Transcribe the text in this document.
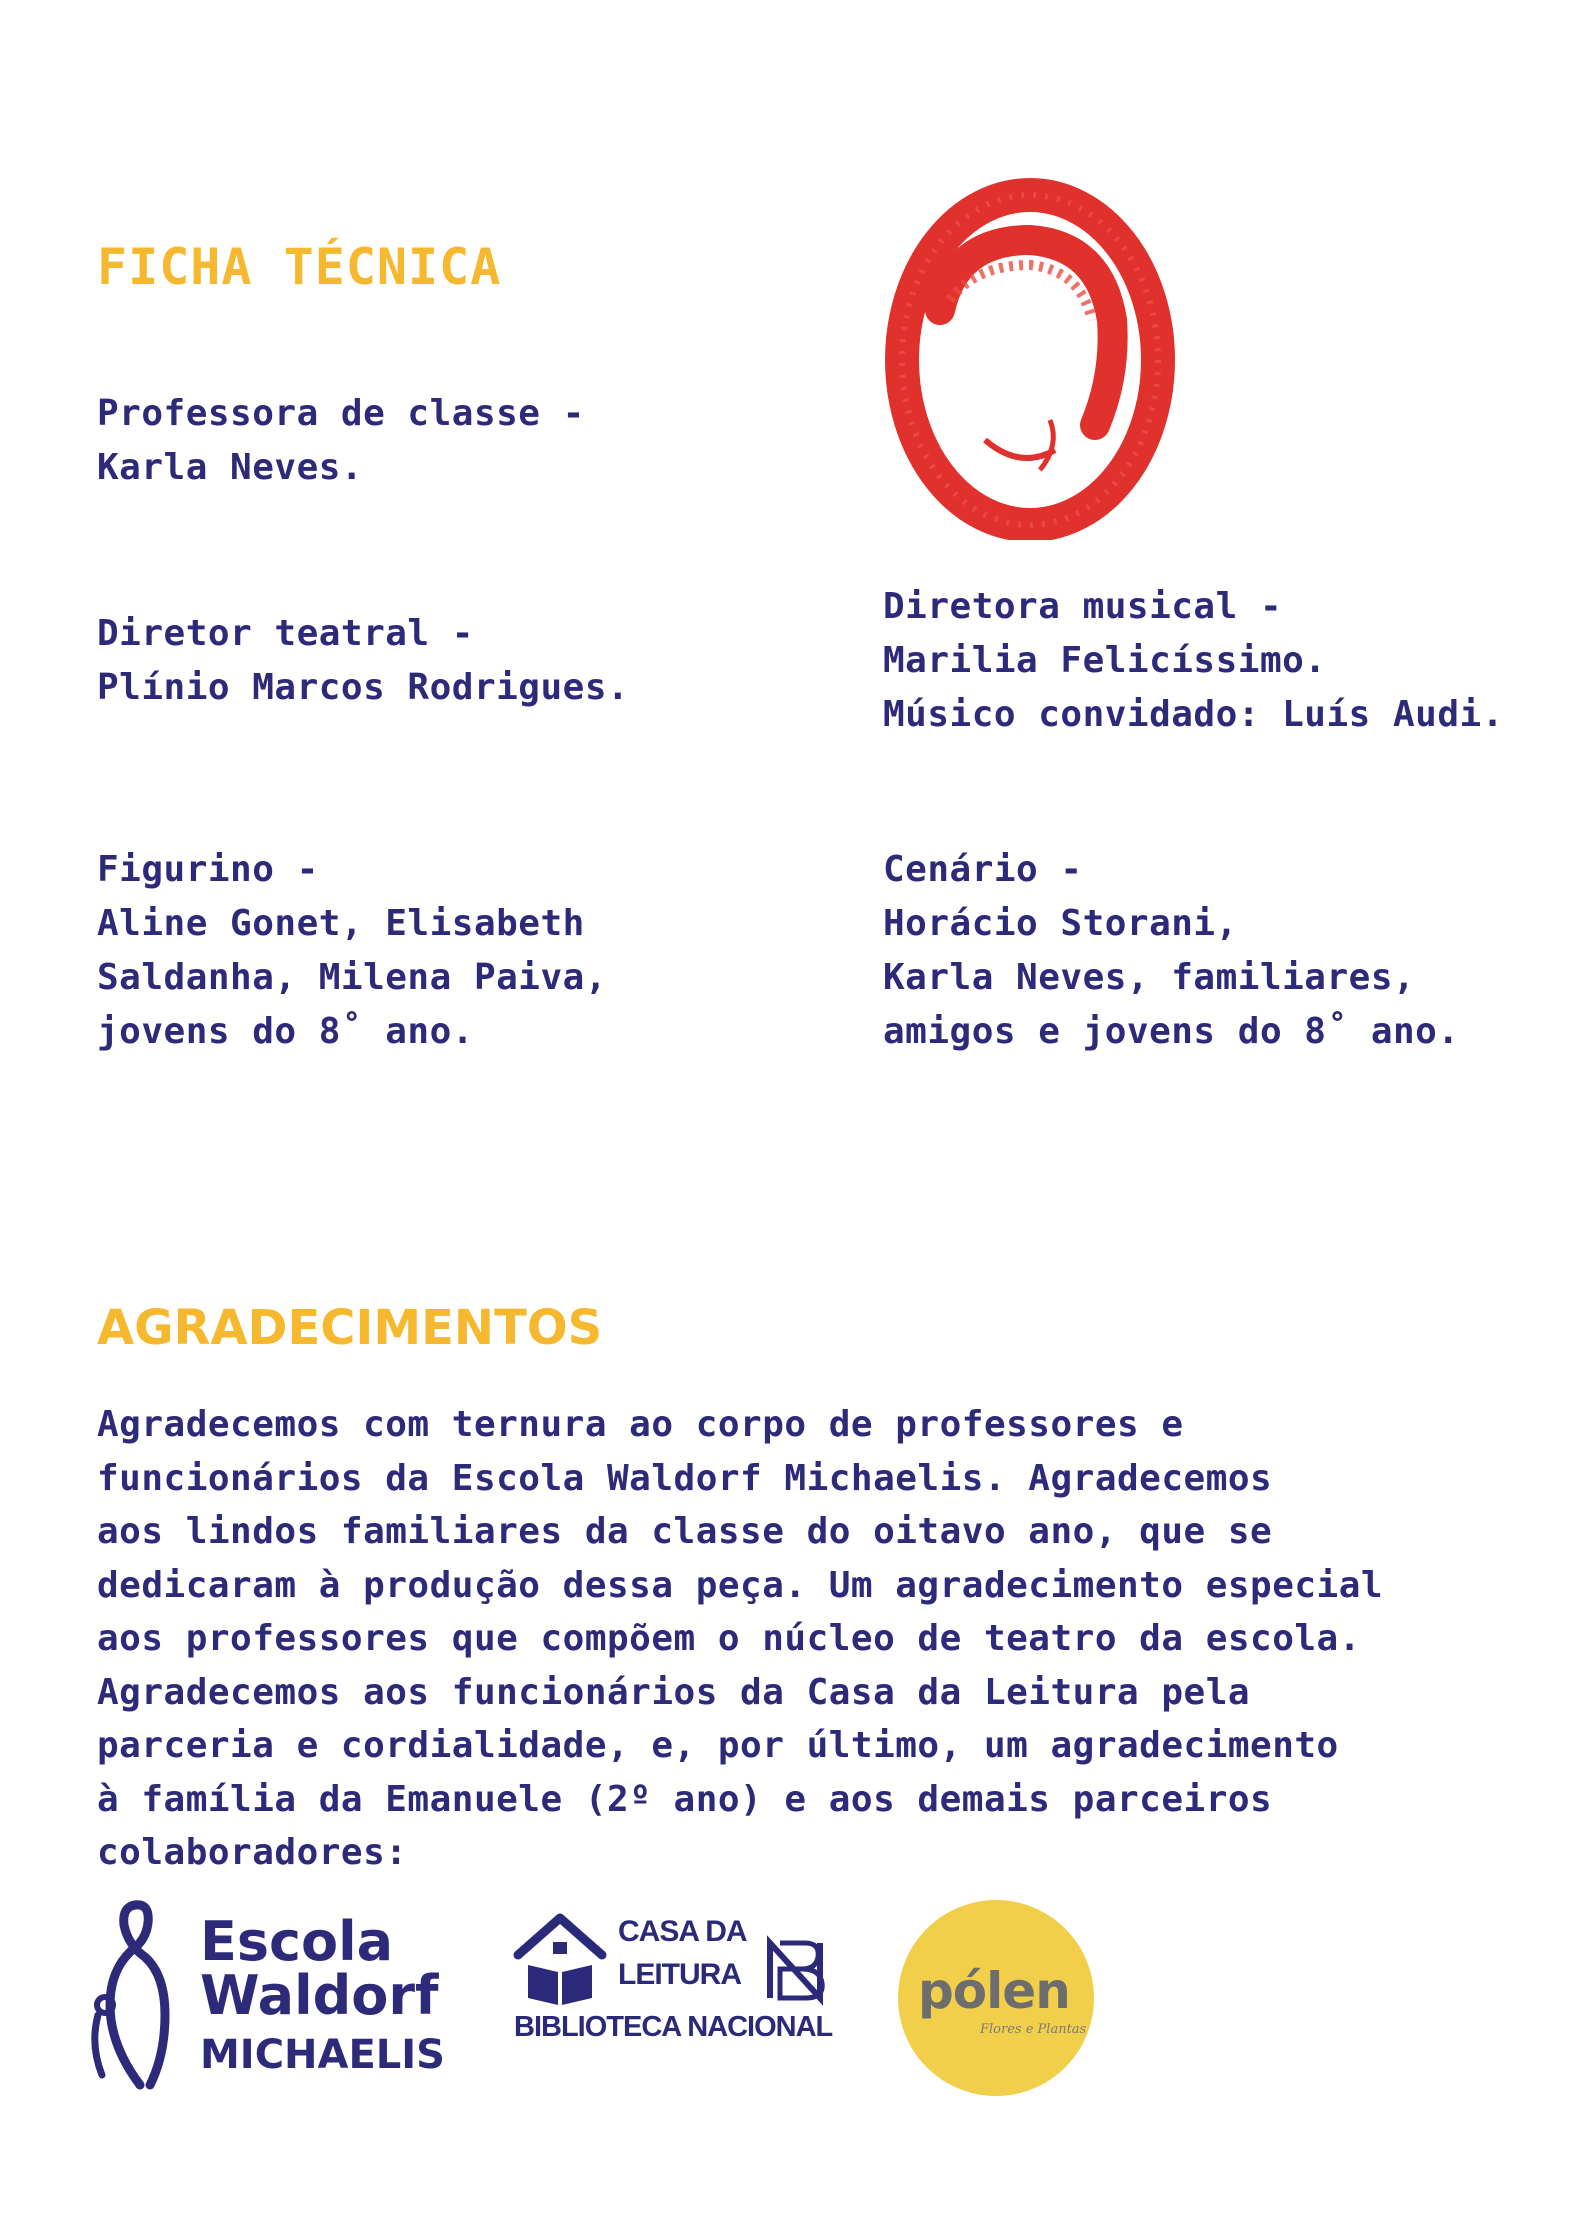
FICHA TÉCNICA
Professora de classe -
Karla Neves.
Diretor teatral -
Plínio Marcos Rodrigues.
Diretora musical -
Marilia Felicíssimo.
Músico convidado: Luís Audi.
Figurino -
Aline Gonet, Elisabeth
Saldanha, Milena Paiva,
jovens do 8˚ ano.
Cenário -
Horácio Storani,
Karla Neves, familiares,
amigos e jovens do 8˚ ano.
AGRADECIMENTOS
Agradecemos com ternura ao corpo de professores e
funcionários da Escola Waldorf Michaelis. Agradecemos
aos lindos familiares da classe do oitavo ano, que se
dedicaram à produção dessa peça. Um agradecimento especial
aos professores que compõem o núcleo de teatro da escola.
Agradecemos aos funcionários da Casa da Leitura pela
parceria e cordialidade, e, por último, um agradecimento
à família da Emanuele (2º ano) e aos demais parceiros
colaboradores:
Escola
Waldorf
MICHAELIS
CASA DA
LEITURA
BIBLIOTECA NACIONAL
pólen
Flores e Plantas
